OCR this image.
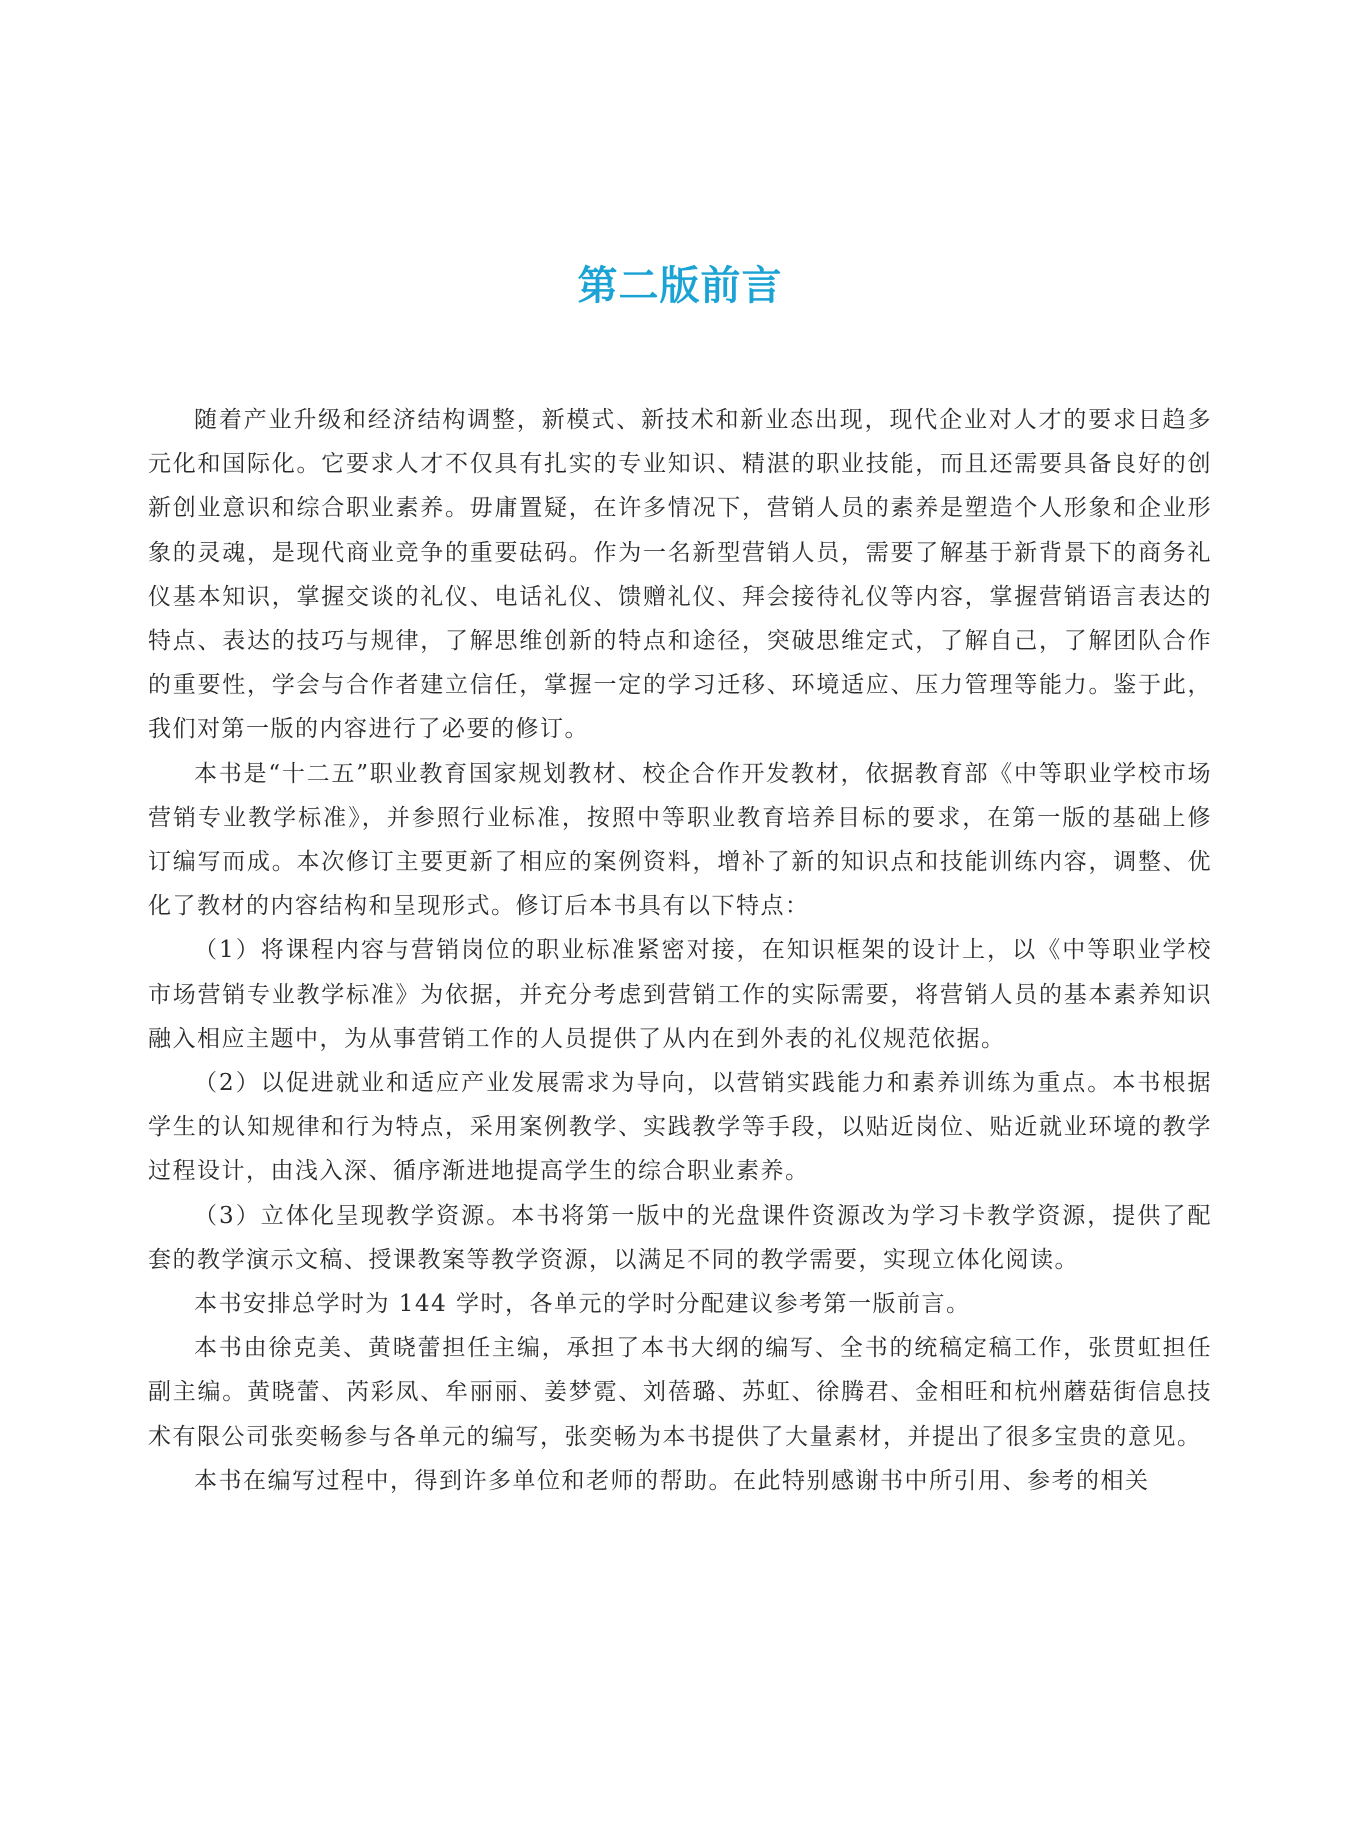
第二版前言

随着产业升级和经济结构调整，新模式、新技术和新业态出现，现代企业对人才的要求日趋多元化和国际化。它要求人才不仅具有扎实的专业知识、精湛的职业技能，而且还需要具备良好的创新创业意识和综合职业素养。毋庸置疑，在许多情况下，营销人员的素养是塑造个人形象和企业形象的灵魂，是现代商业竞争的重要砝码。作为一名新型营销人员，需要了解基于新背景下的商务礼仪基本知识，掌握交谈的礼仪、电话礼仪、馈赠礼仪、拜会接待礼仪等内容，掌握营销语言表达的特点、表达的技巧与规律，了解思维创新的特点和途径，突破思维定式，了解自己，了解团队合作的重要性，学会与合作者建立信任，掌握一定的学习迁移、环境适应、压力管理等能力。鉴于此，我们对第一版的内容进行了必要的修订。

本书是“十二五”职业教育国家规划教材、校企合作开发教材，依据教育部《中等职业学校市场营销专业教学标准》，并参照行业标准，按照中等职业教育培养目标的要求，在第一版的基础上修订编写而成。本次修订主要更新了相应的案例资料，增补了新的知识点和技能训练内容，调整、优化了教材的内容结构和呈现形式。修订后本书具有以下特点：

（1）将课程内容与营销岗位的职业标准紧密对接，在知识框架的设计上，以《中等职业学校市场营销专业教学标准》为依据，并充分考虑到营销工作的实际需要，将营销人员的基本素养知识融入相应主题中，为从事营销工作的人员提供了从内在到外表的礼仪规范依据。

（2）以促进就业和适应产业发展需求为导向，以营销实践能力和素养训练为重点。本书根据学生的认知规律和行为特点，采用案例教学、实践教学等手段，以贴近岗位、贴近就业环境的教学过程设计，由浅入深、循序渐进地提高学生的综合职业素养。

（3）立体化呈现教学资源。本书将第一版中的光盘课件资源改为学习卡教学资源，提供了配套的教学演示文稿、授课教案等教学资源，以满足不同的教学需要，实现立体化阅读。

本书安排总学时为 144 学时，各单元的学时分配建议参考第一版前言。

本书由徐克美、黄晓蕾担任主编，承担了本书大纲的编写、全书的统稿定稿工作，张贯虹担任副主编。黄晓蕾、芮彩凤、牟丽丽、姜梦霓、刘蓓璐、苏虹、徐腾君、金相旺和杭州蘑菇街信息技术有限公司张奕畅参与各单元的编写，张奕畅为本书提供了大量素材，并提出了很多宝贵的意见。

本书在编写过程中，得到许多单位和老师的帮助。在此特别感谢书中所引用、参考的相关
